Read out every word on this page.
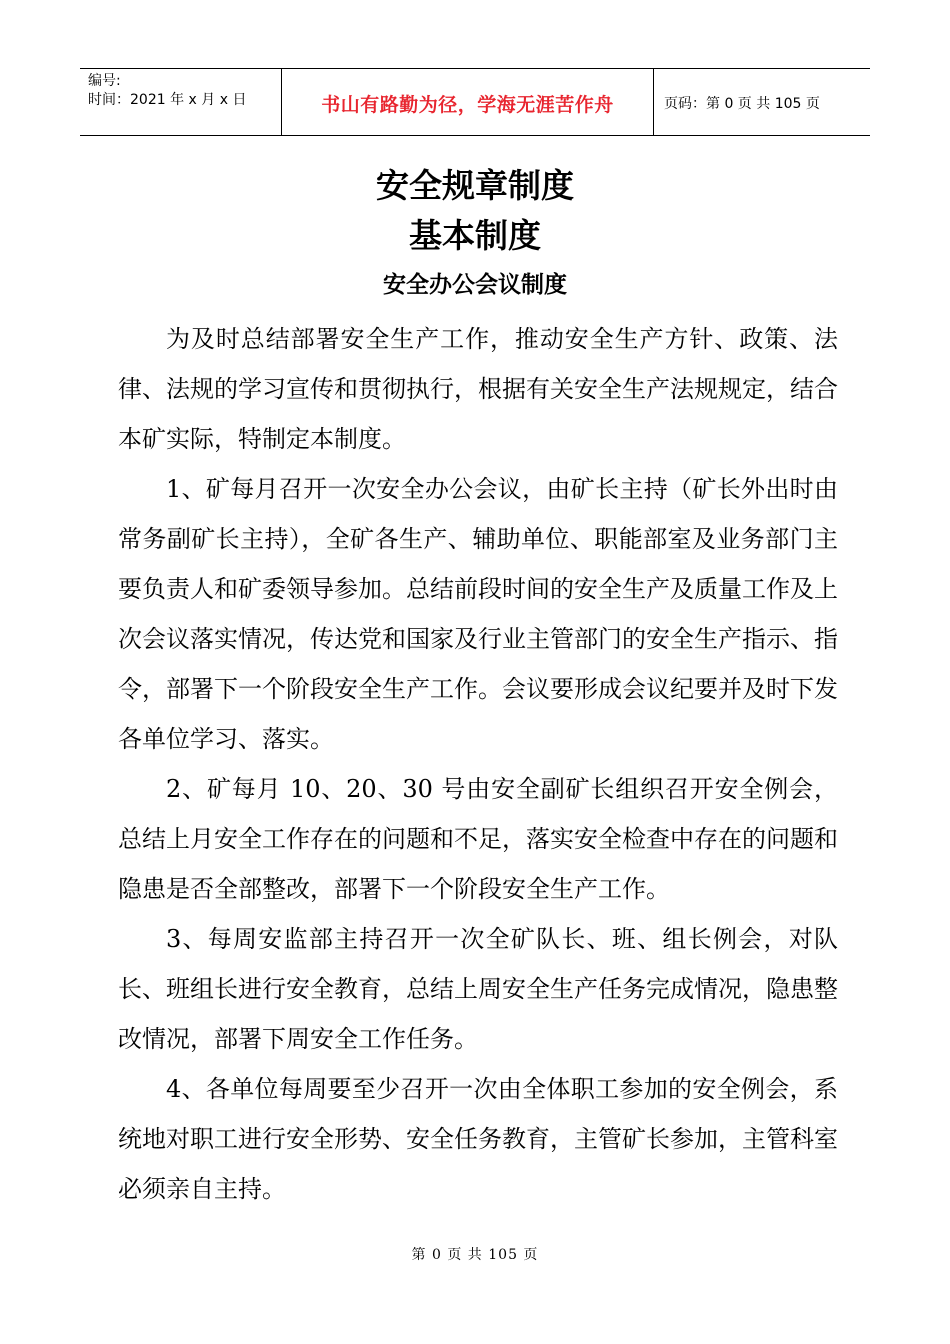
编号:
时间：2021 年 x 月 x 日	书山有路勤为径，学海无涯苦作舟	页码：第 0 页 共 105 页
安全规章制度
基本制度
安全办公会议制度

为及时总结部署安全生产工作，推动安全生产方针、政策、法律、法规的学习宣传和贯彻执行，根据有关安全生产法规规定，结合本矿实际，特制定本制度。

1、矿每月召开一次安全办公会议，由矿长主持（矿长外出时由常务副矿长主持），全矿各生产、辅助单位、职能部室及业务部门主要负责人和矿委领导参加。总结前段时间的安全生产及质量工作及上次会议落实情况，传达党和国家及行业主管部门的安全生产指示、指令，部署下一个阶段安全生产工作。会议要形成会议纪要并及时下发各单位学习、落实。

2、矿每月 10、20、30 号由安全副矿长组织召开安全例会，总结上月安全工作存在的问题和不足，落实安全检查中存在的问题和隐患是否全部整改，部署下一个阶段安全生产工作。

3、每周安监部主持召开一次全矿队长、班、组长例会，对队长、班组长进行安全教育，总结上周安全生产任务完成情况，隐患整改情况，部署下周安全工作任务。

4、各单位每周要至少召开一次由全体职工参加的安全例会，系统地对职工进行安全形势、安全任务教育，主管矿长参加，主管科室必须亲自主持。

第 0 页 共 105 页
